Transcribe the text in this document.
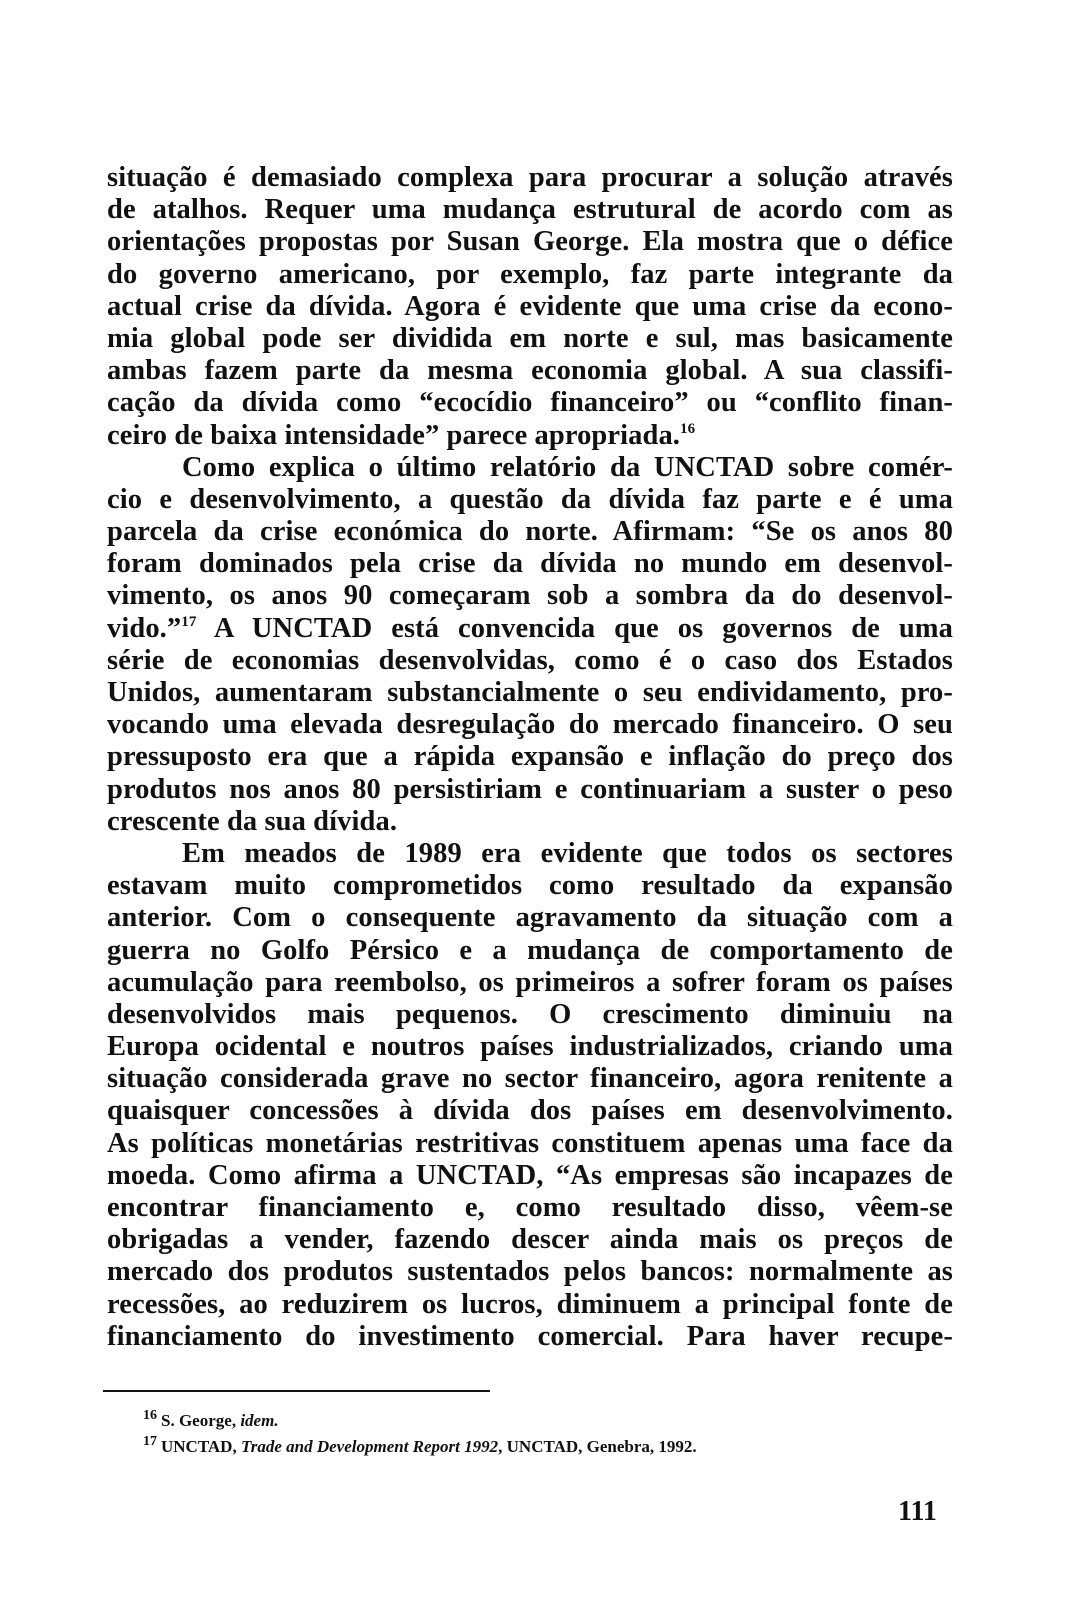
situação é demasiado complexa para procurar a solução através
de atalhos. Requer uma mudança estrutural de acordo com as
orientações propostas por Susan George. Ela mostra que o défice
do governo americano, por exemplo, faz parte integrante da
actual crise da dívida. Agora é evidente que uma crise da econo-
mia global pode ser dividida em norte e sul, mas basicamente
ambas fazem parte da mesma economia global. A sua classifi-
cação da dívida como “ecocídio financeiro” ou “conflito finan-
ceiro de baixa intensidade” parece apropriada.$^{16}$
Como explica o último relatório da UNCTAD sobre comér-
cio e desenvolvimento, a questão da dívida faz parte e é uma
parcela da crise económica do norte. Afirmam: “Se os anos 80
foram dominados pela crise da dívida no mundo em desenvol-
vimento, os anos 90 começaram sob a sombra da do desenvol-
vido.”$^{17}$ A UNCTAD está convencida que os governos de uma
série de economias desenvolvidas, como é o caso dos Estados
Unidos, aumentaram substancialmente o seu endividamento, pro-
vocando uma elevada desregulação do mercado financeiro. O seu
pressuposto era que a rápida expansão e inflação do preço dos
produtos nos anos 80 persistiriam e continuariam a suster o peso
crescente da sua dívida.
Em meados de 1989 era evidente que todos os sectores
estavam muito comprometidos como resultado da expansão
anterior. Com o consequente agravamento da situação com a
guerra no Golfo Pérsico e a mudança de comportamento de
acumulação para reembolso, os primeiros a sofrer foram os países
desenvolvidos mais pequenos. O crescimento diminuiu na
Europa ocidental e noutros países industrializados, criando uma
situação considerada grave no sector financeiro, agora renitente a
quaisquer concessões à dívida dos países em desenvolvimento.
As políticas monetárias restritivas constituem apenas uma face da
moeda. Como afirma a UNCTAD, “As empresas são incapazes de
encontrar financiamento e, como resultado disso, vêem-se
obrigadas a vender, fazendo descer ainda mais os preços de
mercado dos produtos sustentados pelos bancos: normalmente as
recessões, ao reduzirem os lucros, diminuem a principal fonte de
financiamento do investimento comercial. Para haver recupe-
$^{16}$ S. George, idem.
$^{17}$ UNCTAD, Trade and Development Report 1992, UNCTAD, Genebra, 1992.
111
